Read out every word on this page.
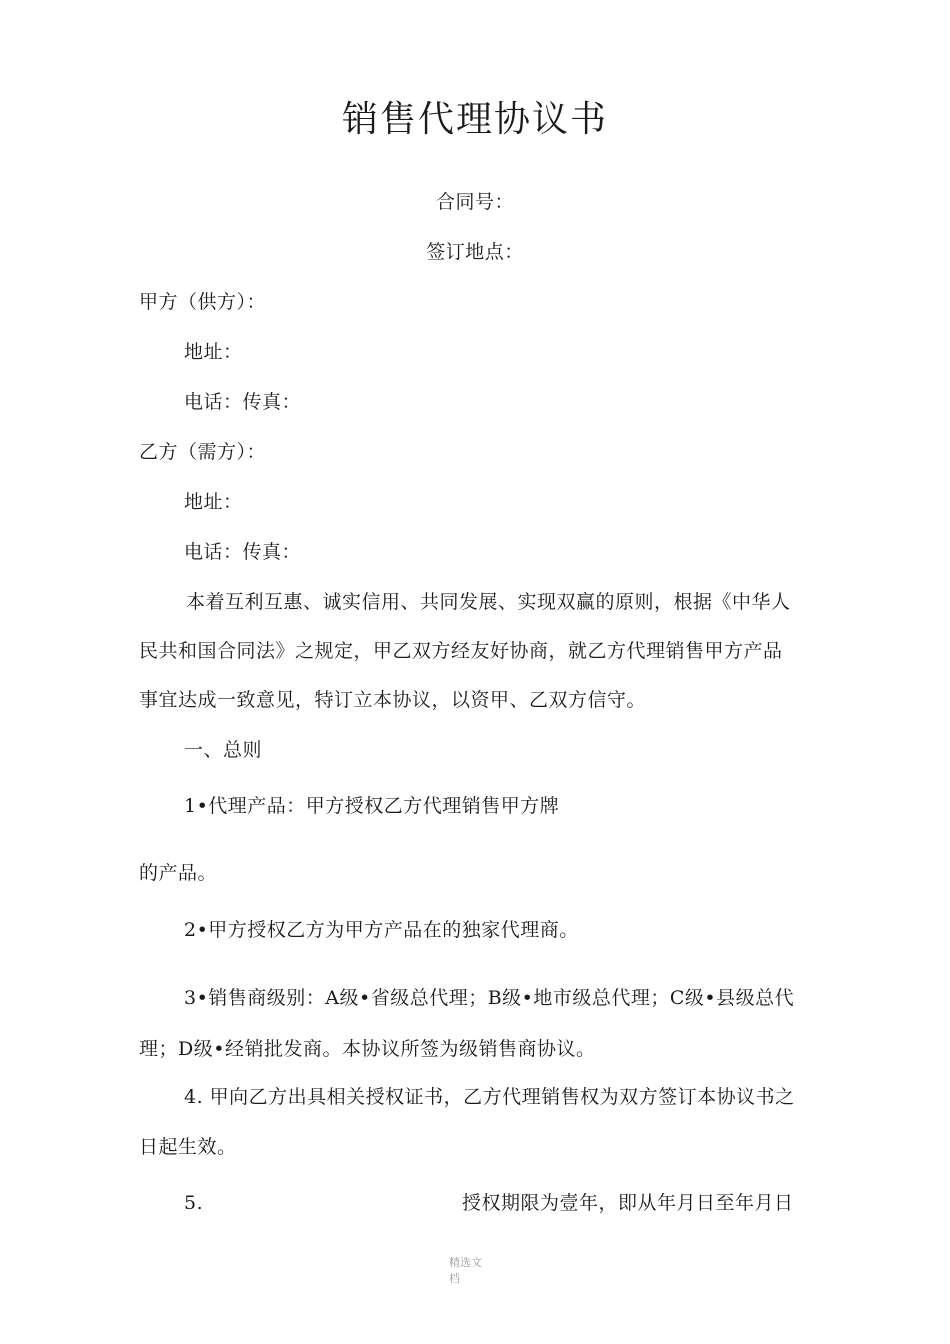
销售代理协议书
合同号：
签订地点：
甲方（供方）：
地址：
电话：传真：
乙方（需方）：
地址：
电话：传真：
本着互利互惠、诚实信用、共同发展、实现双赢的原则，根据《中华人
民共和国合同法》之规定，甲乙双方经友好协商，就乙方代理销售甲方产品
事宜达成一致意见，特订立本协议，以资甲、乙双方信守。
一、总则
1•代理产品：甲方授权乙方代理销售甲方牌
的产品。
2•甲方授权乙方为甲方产品在的独家代理商。
3•销售商级别：A级•省级总代理；B级•地市级总代理；C级•县级总代
理；D级•经销批发商。本协议所签为级销售商协议。
4. 甲向乙方出具相关授权证书，乙方代理销售权为双方签订本协议书之
日起生效。
5.	授权期限为壹年，即从年月日至年月日
精选文
档
